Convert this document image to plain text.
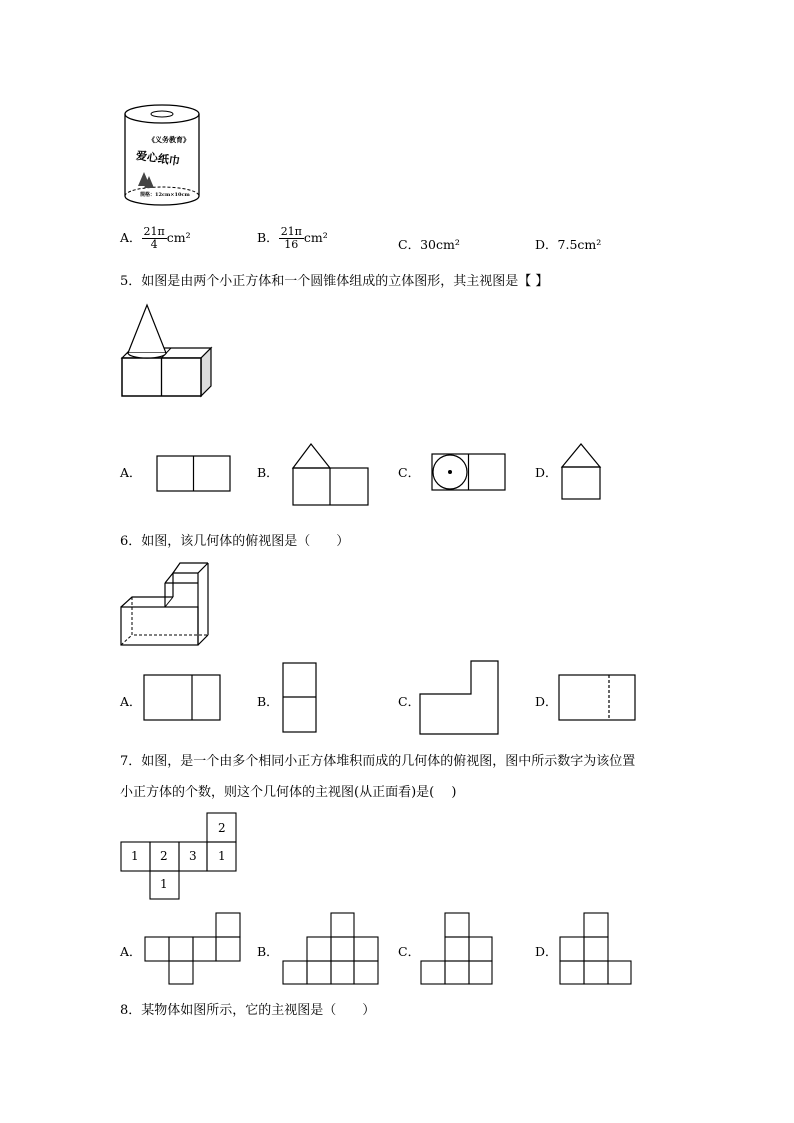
《义务教育》
爱心纸巾
规格：12cm×10cm
A． $\frac{21\pi}{4} cm^2$	B． $\frac{21\pi}{16} cm^2$	C．30cm²	D．7.5cm²
5．如图是由两个小正方体和一个圆锥体组成的立体图形，其主视图是【 】
A．	B．	C．	D．
6．如图，该几何体的俯视图是（　　）
A．	B．	C．	D．
7．如图，是一个由多个相同小正方体堆积而成的几何体的俯视图，图中所示数字为该位置
小正方体的个数，则这个几何体的主视图(从正面看)是(　 )
2
1 2 3 1
1
A．	B．	C．	D．
8．某物体如图所示，它的主视图是（　　）
